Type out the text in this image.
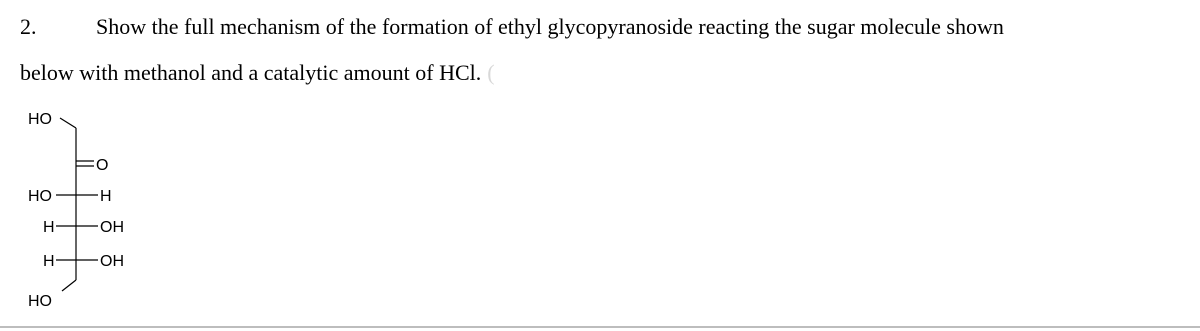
2.	Show the full mechanism of the formation of ethyl glycopyranoside reacting the sugar molecule shown
below with methanol and a catalytic amount of HCl. (
HO
O
HO	H
H	OH
H	OH
HO
